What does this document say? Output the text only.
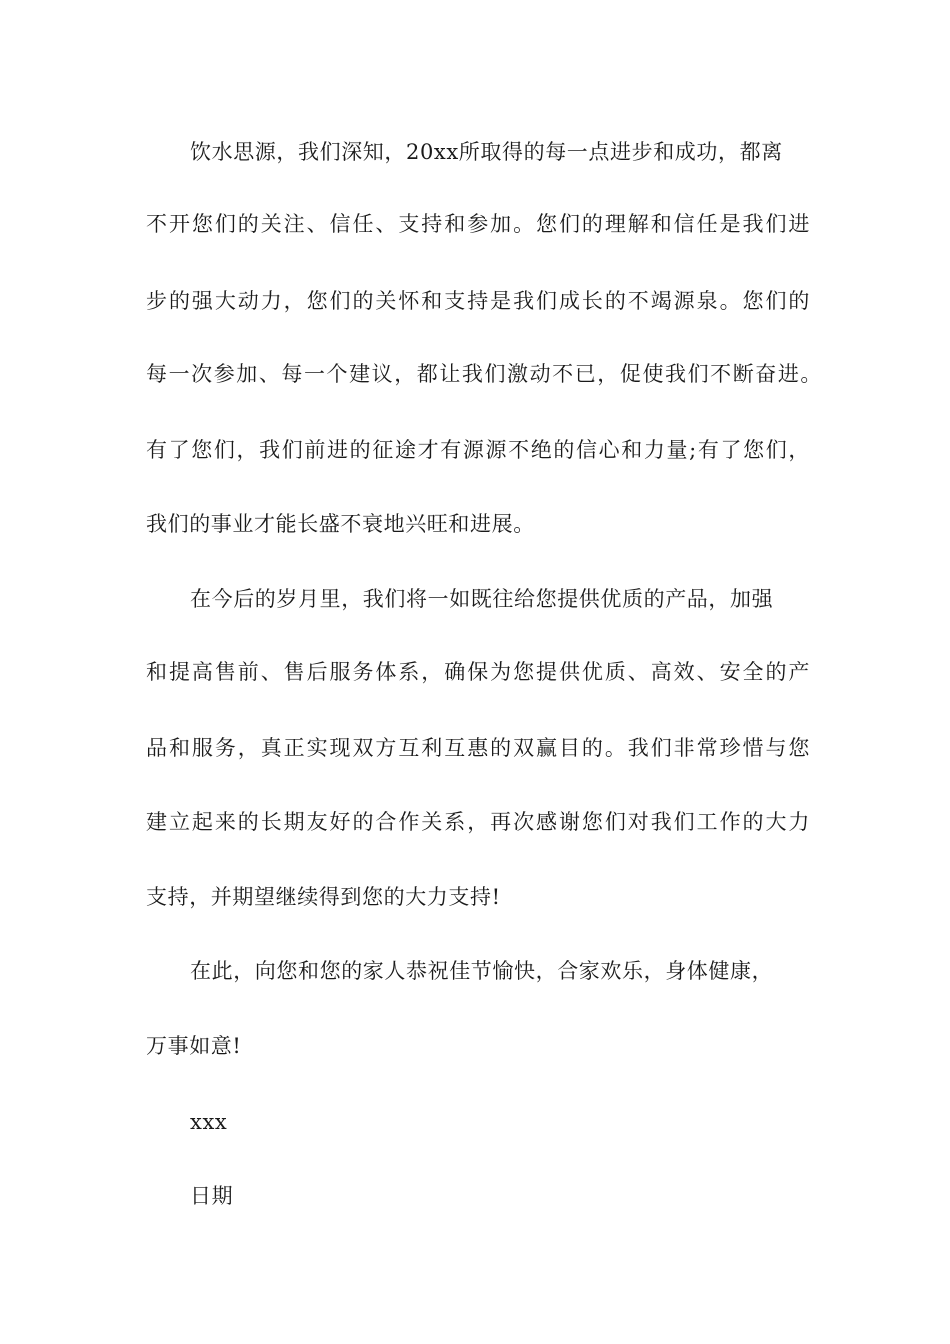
饮水思源，我们深知，20xx所取得的每一点进步和成功，都离

不开您们的关注、信任、支持和参加。您们的理解和信任是我们进

步的强大动力，您们的关怀和支持是我们成长的不竭源泉。您们的

每一次参加、每一个建议，都让我们激动不已，促使我们不断奋进。

有了您们，我们前进的征途才有源源不绝的信心和力量;有了您们，

我们的事业才能长盛不衰地兴旺和进展。

在今后的岁月里，我们将一如既往给您提供优质的产品，加强

和提高售前、售后服务体系，确保为您提供优质、高效、安全的产

品和服务，真正实现双方互利互惠的双赢目的。我们非常珍惜与您

建立起来的长期友好的合作关系，再次感谢您们对我们工作的大力

支持，并期望继续得到您的大力支持!

在此，向您和您的家人恭祝佳节愉快，合家欢乐，身体健康，

万事如意!

xxx

日期
